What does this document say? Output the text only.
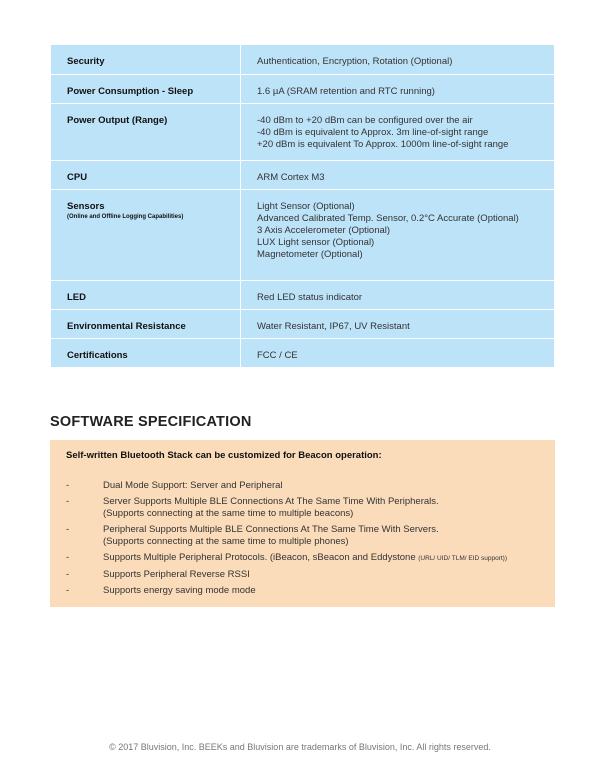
Security	Authentication, Encryption, Rotation (Optional)

Power Consumption - Sleep	1.6 µA (SRAM retention and RTC running)

Power Output (Range)	-40 dBm to +20 dBm can be configured over the air
-40 dBm is equivalent to Approx. 3m line-of-sight range
+20 dBm is equivalent To Approx. 1000m line-of-sight range

CPU	ARM Cortex M3

Sensors
(Online and Offline Logging Capabilities)	Light Sensor (Optional)
Advanced Calibrated Temp. Sensor, 0.2°C Accurate (Optional)
3 Axis Accelerometer (Optional)
LUX Light sensor (Optional)
Magnetometer (Optional)

LED	Red LED status indicator

Environmental Resistance	Water Resistant, IP67, UV Resistant

Certifications	FCC / CE
SOFTWARE SPECIFICATION
Self-written Bluetooth Stack can be customized for Beacon operation:
-	Dual Mode Support: Server and Peripheral
-	Server Supports Multiple BLE Connections At The Same Time With Peripherals.
(Supports connecting at the same time to multiple beacons)
-	Peripheral Supports Multiple BLE Connections At The Same Time With Servers.
(Supports connecting at the same time to multiple phones)
-	Supports Multiple Peripheral Protocols. (iBeacon, sBeacon and Eddystone (URL/ UID/ TLM/ EID support))
-	Supports Peripheral Reverse RSSI
-	Supports energy saving mode mode
© 2017 Bluvision, Inc. BEEKs and Bluvision are trademarks of Bluvision, Inc. All rights reserved.
